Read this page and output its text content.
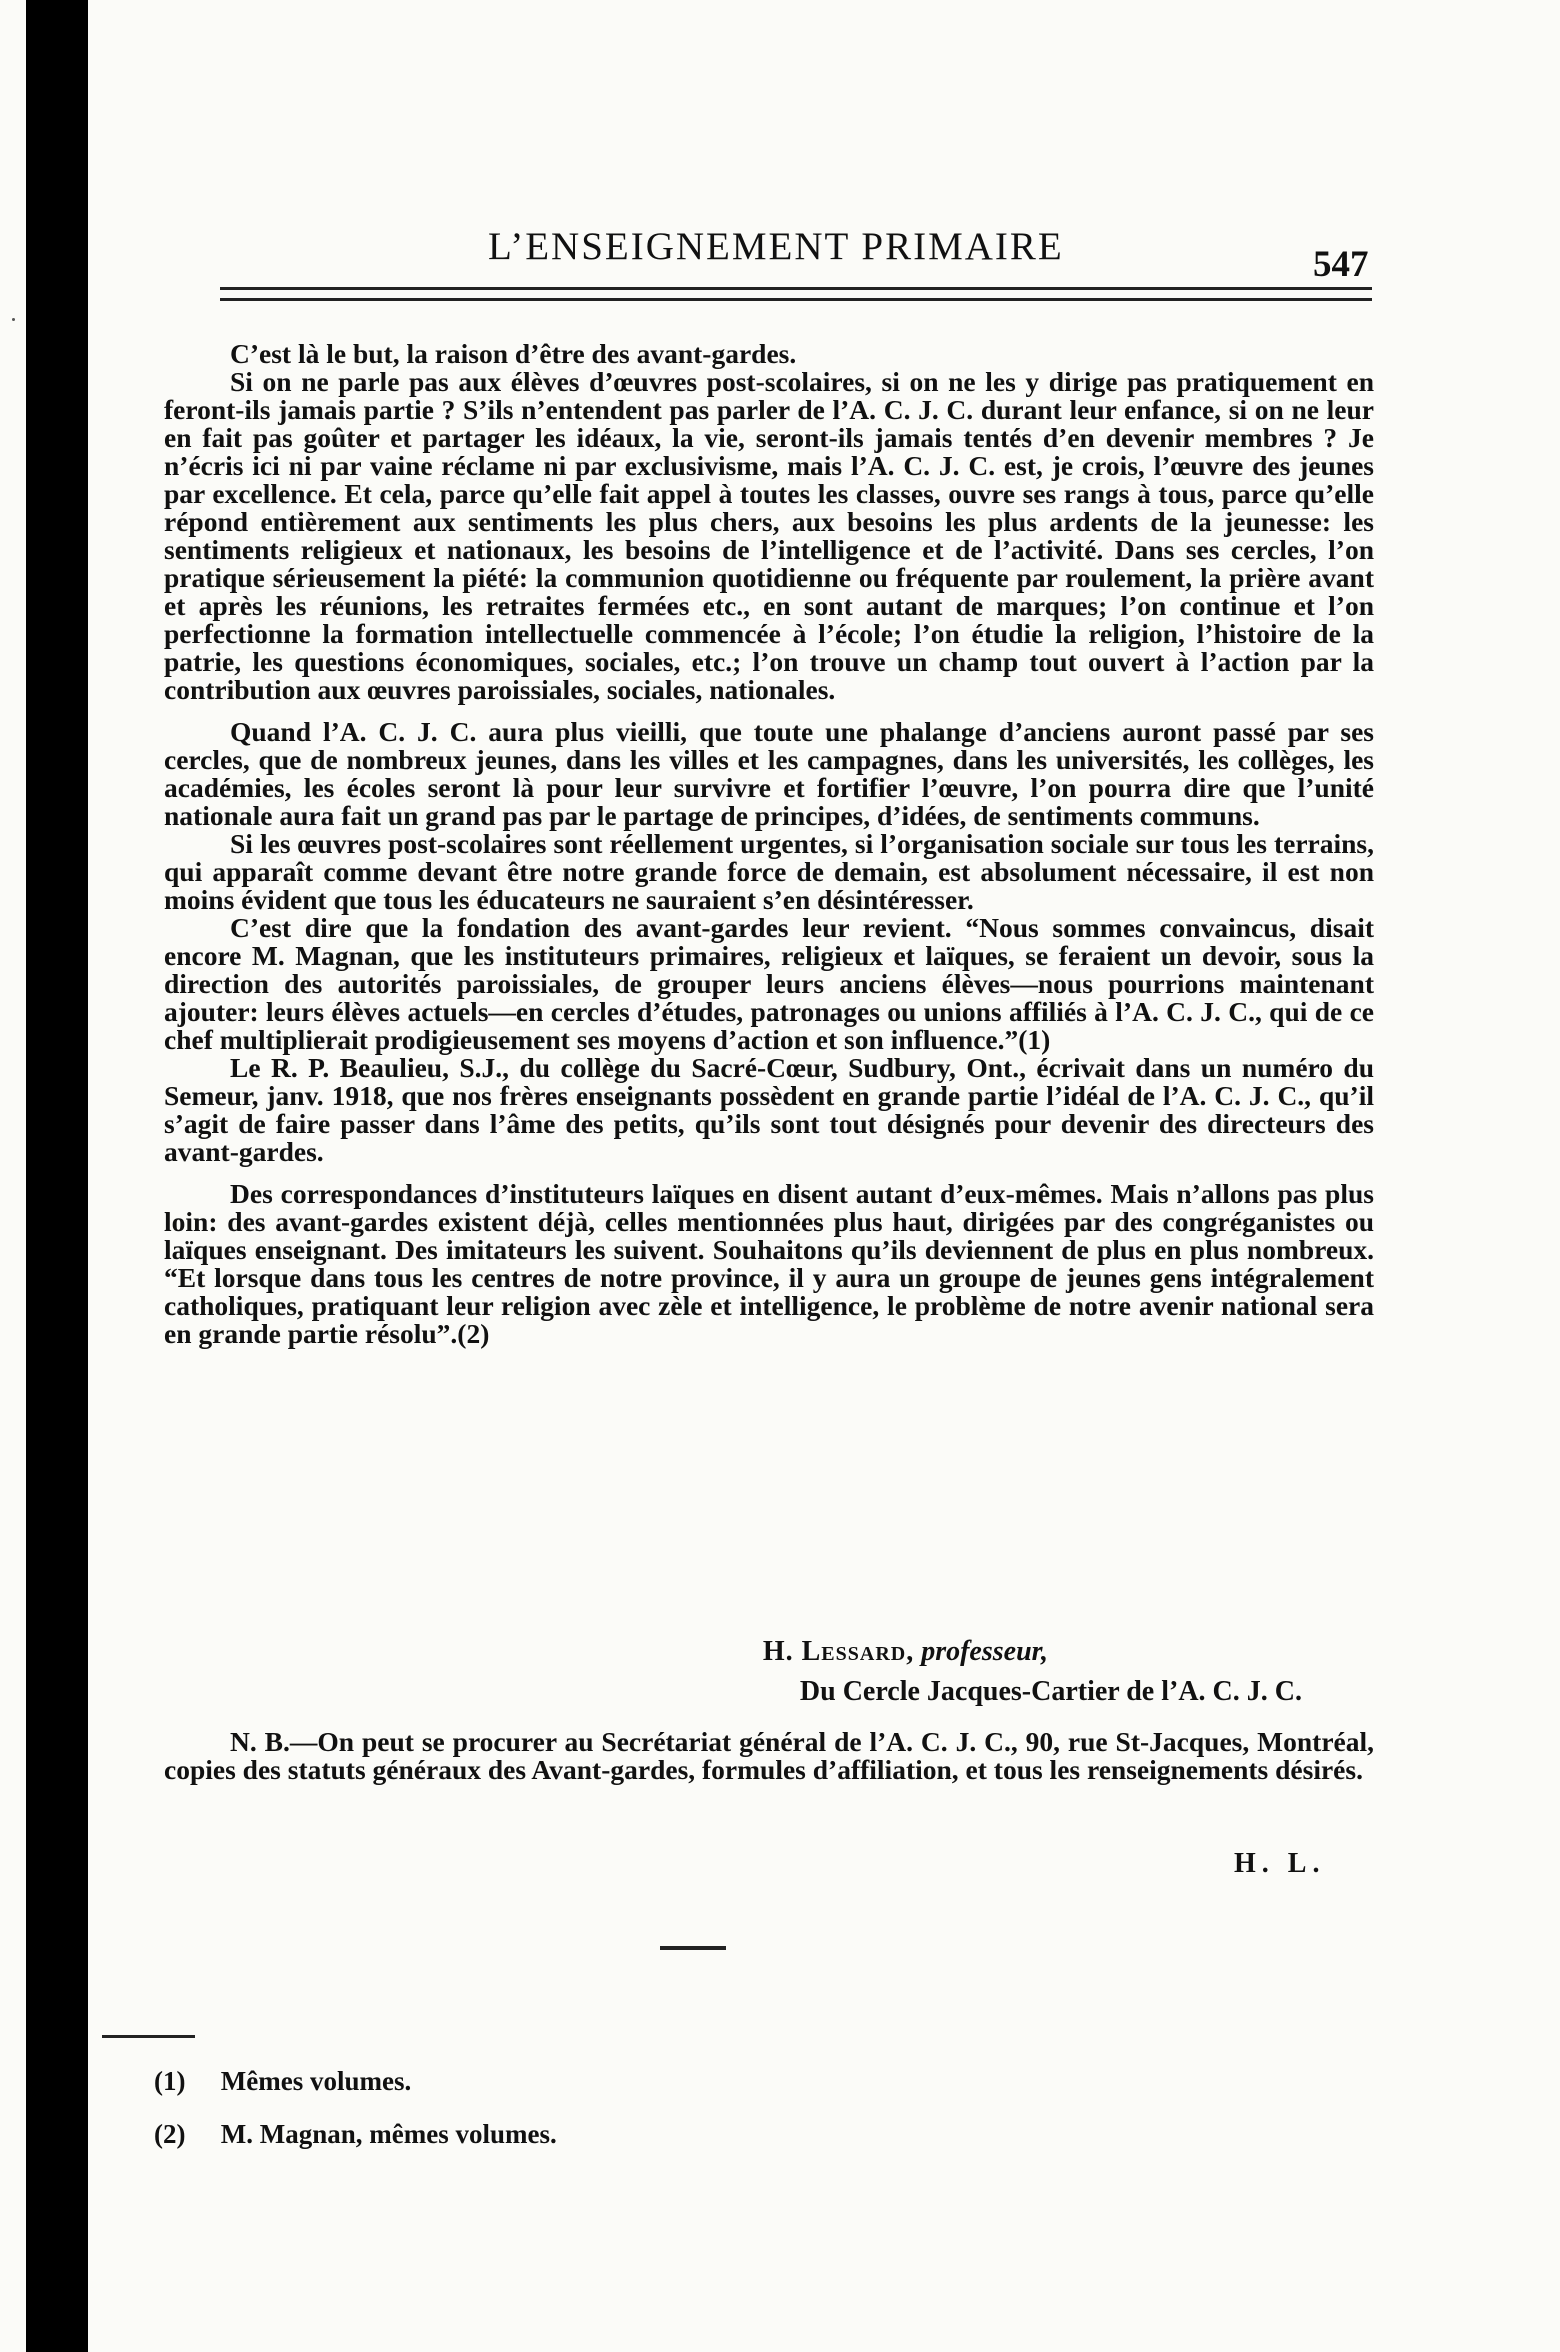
L’ENSEIGNEMENT PRIMAIRE	547

C’est là le but, la raison d’être des avant-gardes.

Si on ne parle pas aux élèves d’œuvres post-scolaires, si on ne les y dirige pas pratiquement en feront-ils jamais partie ? S’ils n’entendent pas parler de l’A. C. J. C. durant leur enfance, si on ne leur en fait pas goûter et partager les idéaux, la vie, seront-ils jamais tentés d’en devenir membres ? Je n’écris ici ni par vaine réclame ni par exclusivisme, mais l’A. C. J. C. est, je crois, l’œuvre des jeunes par excellence. Et cela, parce qu’elle fait appel à toutes les classes, ouvre ses rangs à tous, parce qu’elle répond entièrement aux sentiments les plus chers, aux besoins les plus ardents de la jeunesse: les sentiments religieux et nationaux, les besoins de l’intelligence et de l’activité. Dans ses cercles, l’on pratique sérieusement la piété: la communion quotidienne ou fréquente par roulement, la prière avant et après les réunions, les retraites fermées etc., en sont autant de marques; l’on continue et l’on perfectionne la formation intellectuelle commencée à l’école; l’on étudie la religion, l’histoire de la patrie, les questions économiques, sociales, etc.; l’on trouve un champ tout ouvert à l’action par la contribution aux œuvres paroissiales, sociales, nationales.

Quand l’A. C. J. C. aura plus vieilli, que toute une phalange d’anciens auront passé par ses cercles, que de nombreux jeunes, dans les villes et les campagnes, dans les universités, les collèges, les académies, les écoles seront là pour leur survivre et fortifier l’œuvre, l’on pourra dire que l’unité nationale aura fait un grand pas par le partage de principes, d’idées, de sentiments communs.

Si les œuvres post-scolaires sont réellement urgentes, si l’organisation sociale sur tous les terrains, qui apparaît comme devant être notre grande force de demain, est absolument nécessaire, il est non moins évident que tous les éducateurs ne sauraient s’en désintéresser.

C’est dire que la fondation des avant-gardes leur revient. “Nous sommes convaincus, disait encore M. Magnan, que les instituteurs primaires, religieux et laïques, se feraient un devoir, sous la direction des autorités paroissiales, de grouper leurs anciens élèves—nous pourrions maintenant ajouter: leurs élèves actuels—en cercles d’études, patronages ou unions affiliés à l’A. C. J. C., qui de ce chef multiplierait prodigieusement ses moyens d’action et son influence.”(1)

Le R. P. Beaulieu, S.J., du collège du Sacré-Cœur, Sudbury, Ont., écrivait dans un numéro du Semeur, janv. 1918, que nos frères enseignants possèdent en grande partie l’idéal de l’A. C. J. C., qu’il s’agit de faire passer dans l’âme des petits, qu’ils sont tout désignés pour devenir des directeurs des avant-gardes.

Des correspondances d’instituteurs laïques en disent autant d’eux-mêmes. Mais n’allons pas plus loin: des avant-gardes existent déjà, celles mentionnées plus haut, dirigées par des congréganistes ou laïques enseignant. Des imitateurs les suivent. Souhaitons qu’ils deviennent de plus en plus nombreux. “Et lorsque dans tous les centres de notre province, il y aura un groupe de jeunes gens intégralement catholiques, pratiquant leur religion avec zèle et intelligence, le problème de notre avenir national sera en grande partie résolu”.(2)

H. Lessard, professeur,
Du Cercle Jacques-Cartier de l’A. C. J. C.

N. B.—On peut se procurer au Secrétariat général de l’A. C. J. C., 90, rue St-Jacques, Montréal, copies des statuts généraux des Avant-gardes, formules d’affiliation, et tous les renseignements désirés.

H. L.
(1) Mêmes volumes.
(2) M. Magnan, mêmes volumes.
